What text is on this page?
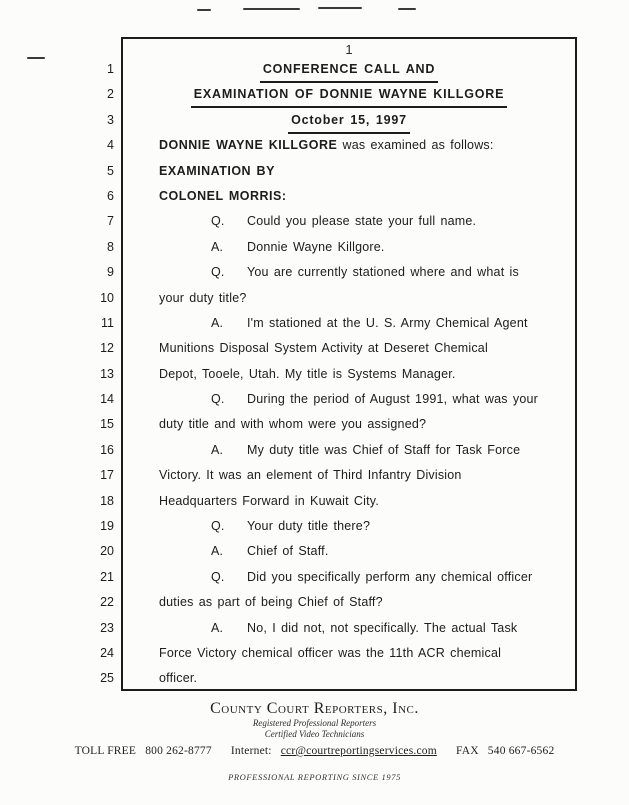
1
1	CONFERENCE CALL AND
2	EXAMINATION OF DONNIE WAYNE KILLGORE
3	October 15, 1997
4	DONNIE WAYNE KILLGORE was examined as follows:
5	EXAMINATION BY
6	COLONEL MORRIS:
7	Q. Could you please state your full name.
8	A. Donnie Wayne Killgore.
9	Q. You are currently stationed where and what is
10	your duty title?
11	A. I'm stationed at the U. S. Army Chemical Agent
12	Munitions Disposal System Activity at Deseret Chemical
13	Depot, Tooele, Utah. My title is Systems Manager.
14	Q. During the period of August 1991, what was your
15	duty title and with whom were you assigned?
16	A. My duty title was Chief of Staff for Task Force
17	Victory. It was an element of Third Infantry Division
18	Headquarters Forward in Kuwait City.
19	Q. Your duty title there?
20	A. Chief of Staff.
21	Q. Did you specifically perform any chemical officer
22	duties as part of being Chief of Staff?
23	A. No, I did not, not specifically. The actual Task
24	Force Victory chemical officer was the 11th ACR chemical
25	officer.
County Court Reporters, Inc.
Registered Professional Reporters
Certified Video Technicians
TOLL FREE 800 262-8777 Internet: ccr@courtreportingservices.com FAX 540 667-6562
PROFESSIONAL REPORTING SINCE 1975
